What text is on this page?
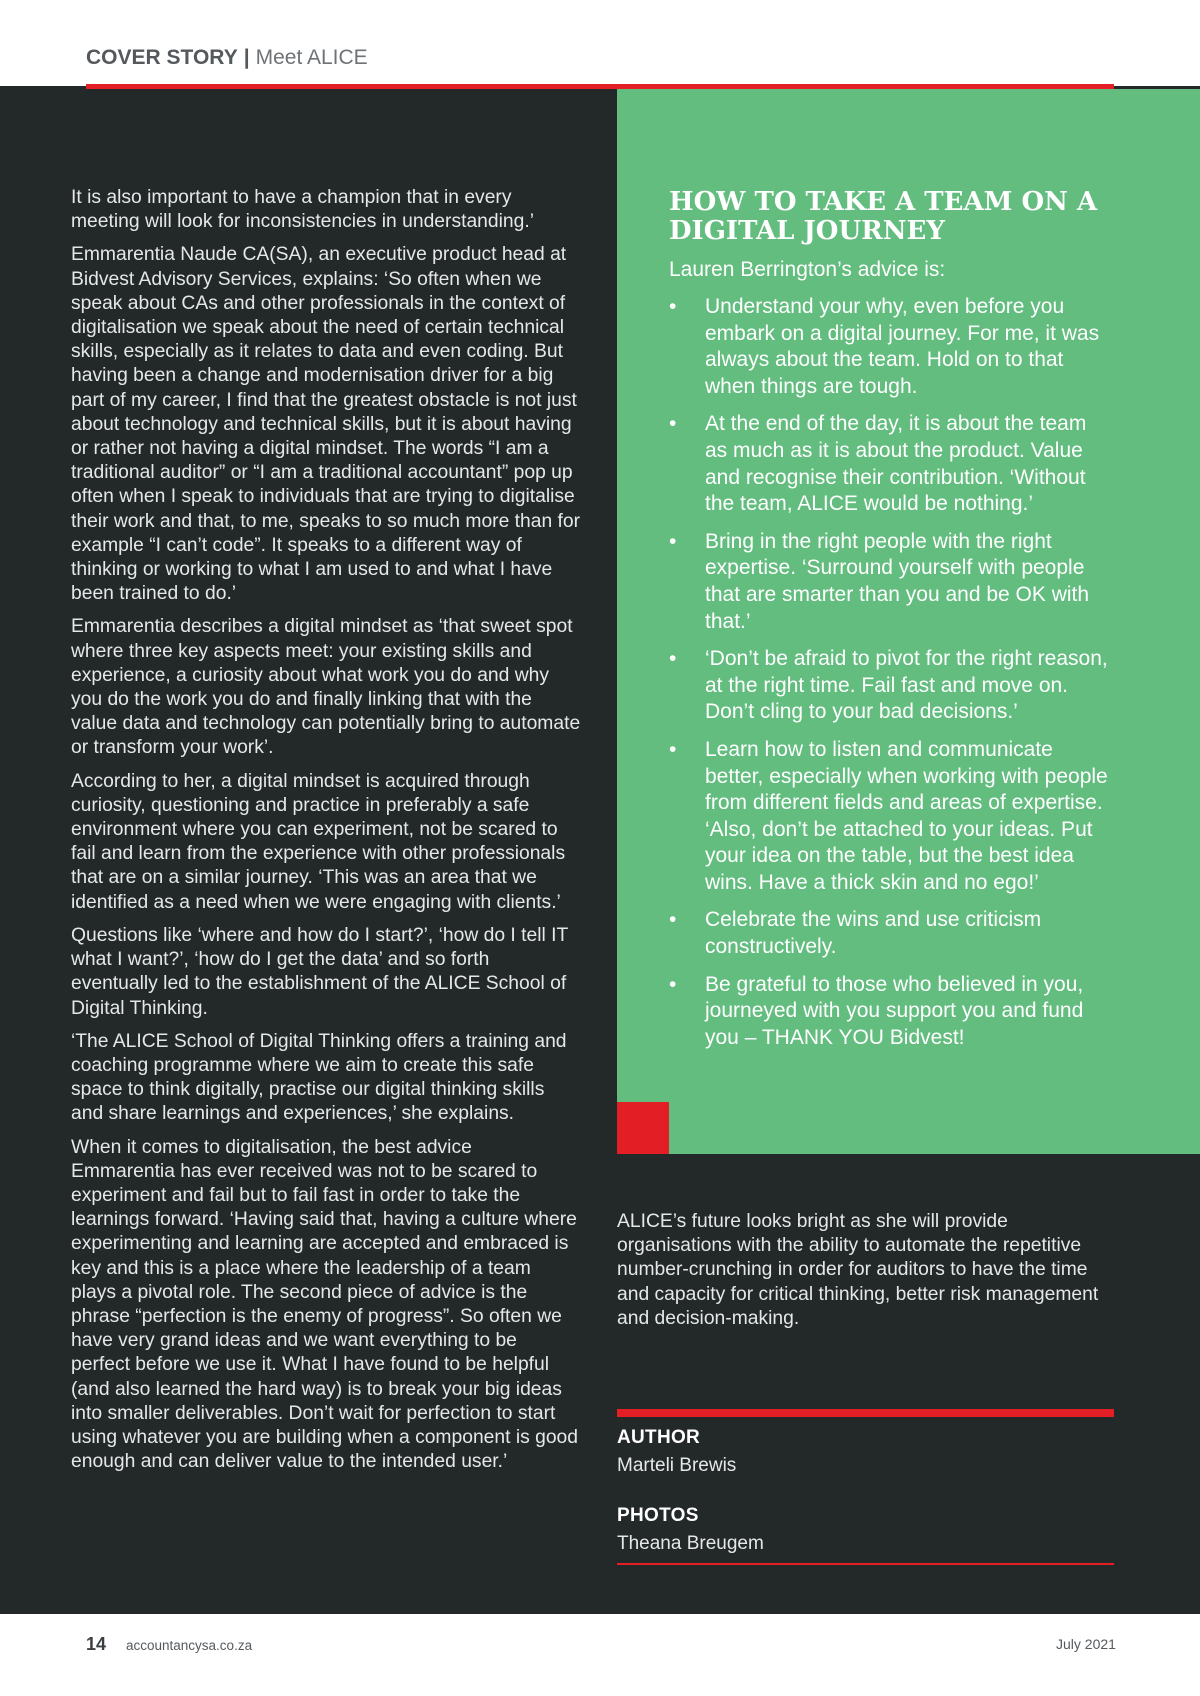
COVER STORY | Meet ALICE

It is also important to have a champion that in every meeting will look for inconsistencies in understanding.’

Emmarentia Naude CA(SA), an executive product head at Bidvest Advisory Services, explains: ‘So often when we speak about CAs and other professionals in the context of digitalisation we speak about the need of certain technical skills, especially as it relates to data and even coding. But having been a change and modernisation driver for a big part of my career, I find that the greatest obstacle is not just about technology and technical skills, but it is about having or rather not having a digital mindset. The words “I am a traditional auditor” or “I am a traditional accountant” pop up often when I speak to individuals that are trying to digitalise their work and that, to me, speaks to so much more than for example “I can’t code”. It speaks to a different way of thinking or working to what I am used to and what I have been trained to do.’

Emmarentia describes a digital mindset as ‘that sweet spot where three key aspects meet: your existing skills and experience, a curiosity about what work you do and why you do the work you do and finally linking that with the value data and technology can potentially bring to automate or transform your work’.

According to her, a digital mindset is acquired through curiosity, questioning and practice in preferably a safe environment where you can experiment, not be scared to fail and learn from the experience with other professionals that are on a similar journey. ‘This was an area that we identified as a need when we were engaging with clients.’

Questions like ‘where and how do I start?’, ‘how do I tell IT what I want?’, ‘how do I get the data’ and so forth eventually led to the establishment of the ALICE School of Digital Thinking.

‘The ALICE School of Digital Thinking offers a training and coaching programme where we aim to create this safe space to think digitally, practise our digital thinking skills and share learnings and experiences,’ she explains.

When it comes to digitalisation, the best advice Emmarentia has ever received was not to be scared to experiment and fail but to fail fast in order to take the learnings forward. ‘Having said that, having a culture where experimenting and learning are accepted and embraced is key and this is a place where the leadership of a team plays a pivotal role. The second piece of advice is the phrase “perfection is the enemy of progress”. So often we have very grand ideas and we want everything to be perfect before we use it. What I have found to be helpful (and also learned the hard way) is to break your big ideas into smaller deliverables. Don’t wait for perfection to start using whatever you are building when a component is good enough and can deliver value to the intended user.’

HOW TO TAKE A TEAM ON A DIGITAL JOURNEY
Lauren Berrington’s advice is:
• Understand your why, even before you embark on a digital journey. For me, it was always about the team. Hold on to that when things are tough.
• At the end of the day, it is about the team as much as it is about the product. Value and recognise their contribution. ‘Without the team, ALICE would be nothing.’
• Bring in the right people with the right expertise. ‘Surround yourself with people that are smarter than you and be OK with that.’
• ‘Don’t be afraid to pivot for the right reason, at the right time. Fail fast and move on. Don’t cling to your bad decisions.’
• Learn how to listen and communicate better, especially when working with people from different fields and areas of expertise. ‘Also, don’t be attached to your ideas. Put your idea on the table, but the best idea wins. Have a thick skin and no ego!’
• Celebrate the wins and use criticism constructively.
• Be grateful to those who believed in you, journeyed with you support you and fund you – THANK YOU Bidvest!

ALICE’s future looks bright as she will provide organisations with the ability to automate the repetitive number-crunching in order for auditors to have the time and capacity for critical thinking, better risk management and decision-making.

AUTHOR
Marteli Brewis
PHOTOS
Theana Breugem
14 accountancysa.co.za	July 2021
